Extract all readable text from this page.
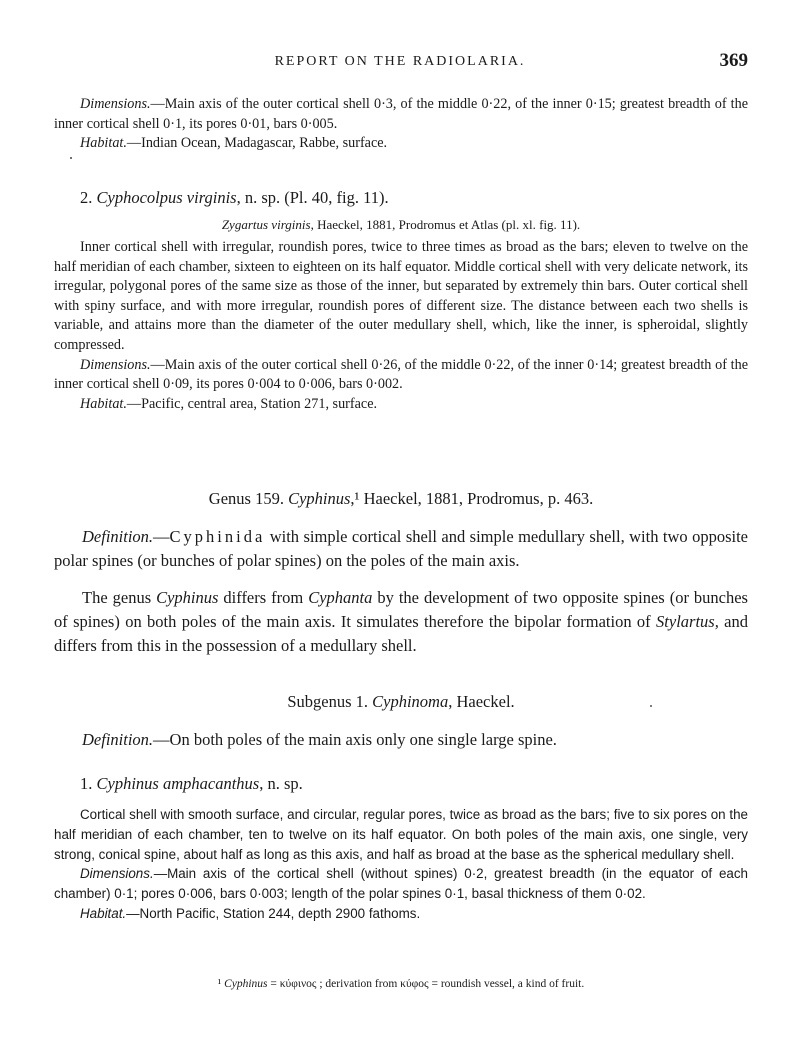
REPORT ON THE RADIOLARIA.	369

Dimensions.—Main axis of the outer cortical shell 0·3, of the middle 0·22, of the inner 0·15; greatest breadth of the inner cortical shell 0·1, its pores 0·01, bars 0·005.

Habitat.—Indian Ocean, Madagascar, Rabbe, surface.

2. Cyphocolpus virginis, n. sp. (Pl. 40, fig. 11).

Zygartus virginis, Haeckel, 1881, Prodromus et Atlas (pl. xl. fig. 11).

Inner cortical shell with irregular, roundish pores, twice to three times as broad as the bars; eleven to twelve on the half meridian of each chamber, sixteen to eighteen on its half equator. Middle cortical shell with very delicate network, its irregular, polygonal pores of the same size as those of the inner, but separated by extremely thin bars. Outer cortical shell with spiny surface, and with more irregular, roundish pores of different size. The distance between each two shells is variable, and attains more than the diameter of the outer medullary shell, which, like the inner, is spheroidal, slightly compressed.

Dimensions.—Main axis of the outer cortical shell 0·26, of the middle 0·22, of the inner 0·14; greatest breadth of the inner cortical shell 0·09, its pores 0·004 to 0·006, bars 0·002.

Habitat.—Pacific, central area, Station 271, surface.

Genus 159. Cyphinus,¹ Haeckel, 1881, Prodromus, p. 463.

Definition.—Cyphinida with simple cortical shell and simple medullary shell, with two opposite polar spines (or bunches of polar spines) on the poles of the main axis.

The genus Cyphinus differs from Cyphanta by the development of two opposite spines (or bunches of spines) on both poles of the main axis. It simulates therefore the bipolar formation of Stylartus, and differs from this in the possession of a medullary shell.

Subgenus 1. Cyphinoma, Haeckel.

Definition.—On both poles of the main axis only one single large spine.

1. Cyphinus amphacanthus, n. sp.

Cortical shell with smooth surface, and circular, regular pores, twice as broad as the bars; five to six pores on the half meridian of each chamber, ten to twelve on its half equator. On both poles of the main axis, one single, very strong, conical spine, about half as long as this axis, and half as broad at the base as the spherical medullary shell.

Dimensions.—Main axis of the cortical shell (without spines) 0·2, greatest breadth (in the equator of each chamber) 0·1; pores 0·006, bars 0·003; length of the polar spines 0·1, basal thickness of them 0·02.

Habitat.—North Pacific, Station 244, depth 2900 fathoms.

¹ Cyphinus = κύφινος ; derivation from κύφος = roundish vessel, a kind of fruit.
